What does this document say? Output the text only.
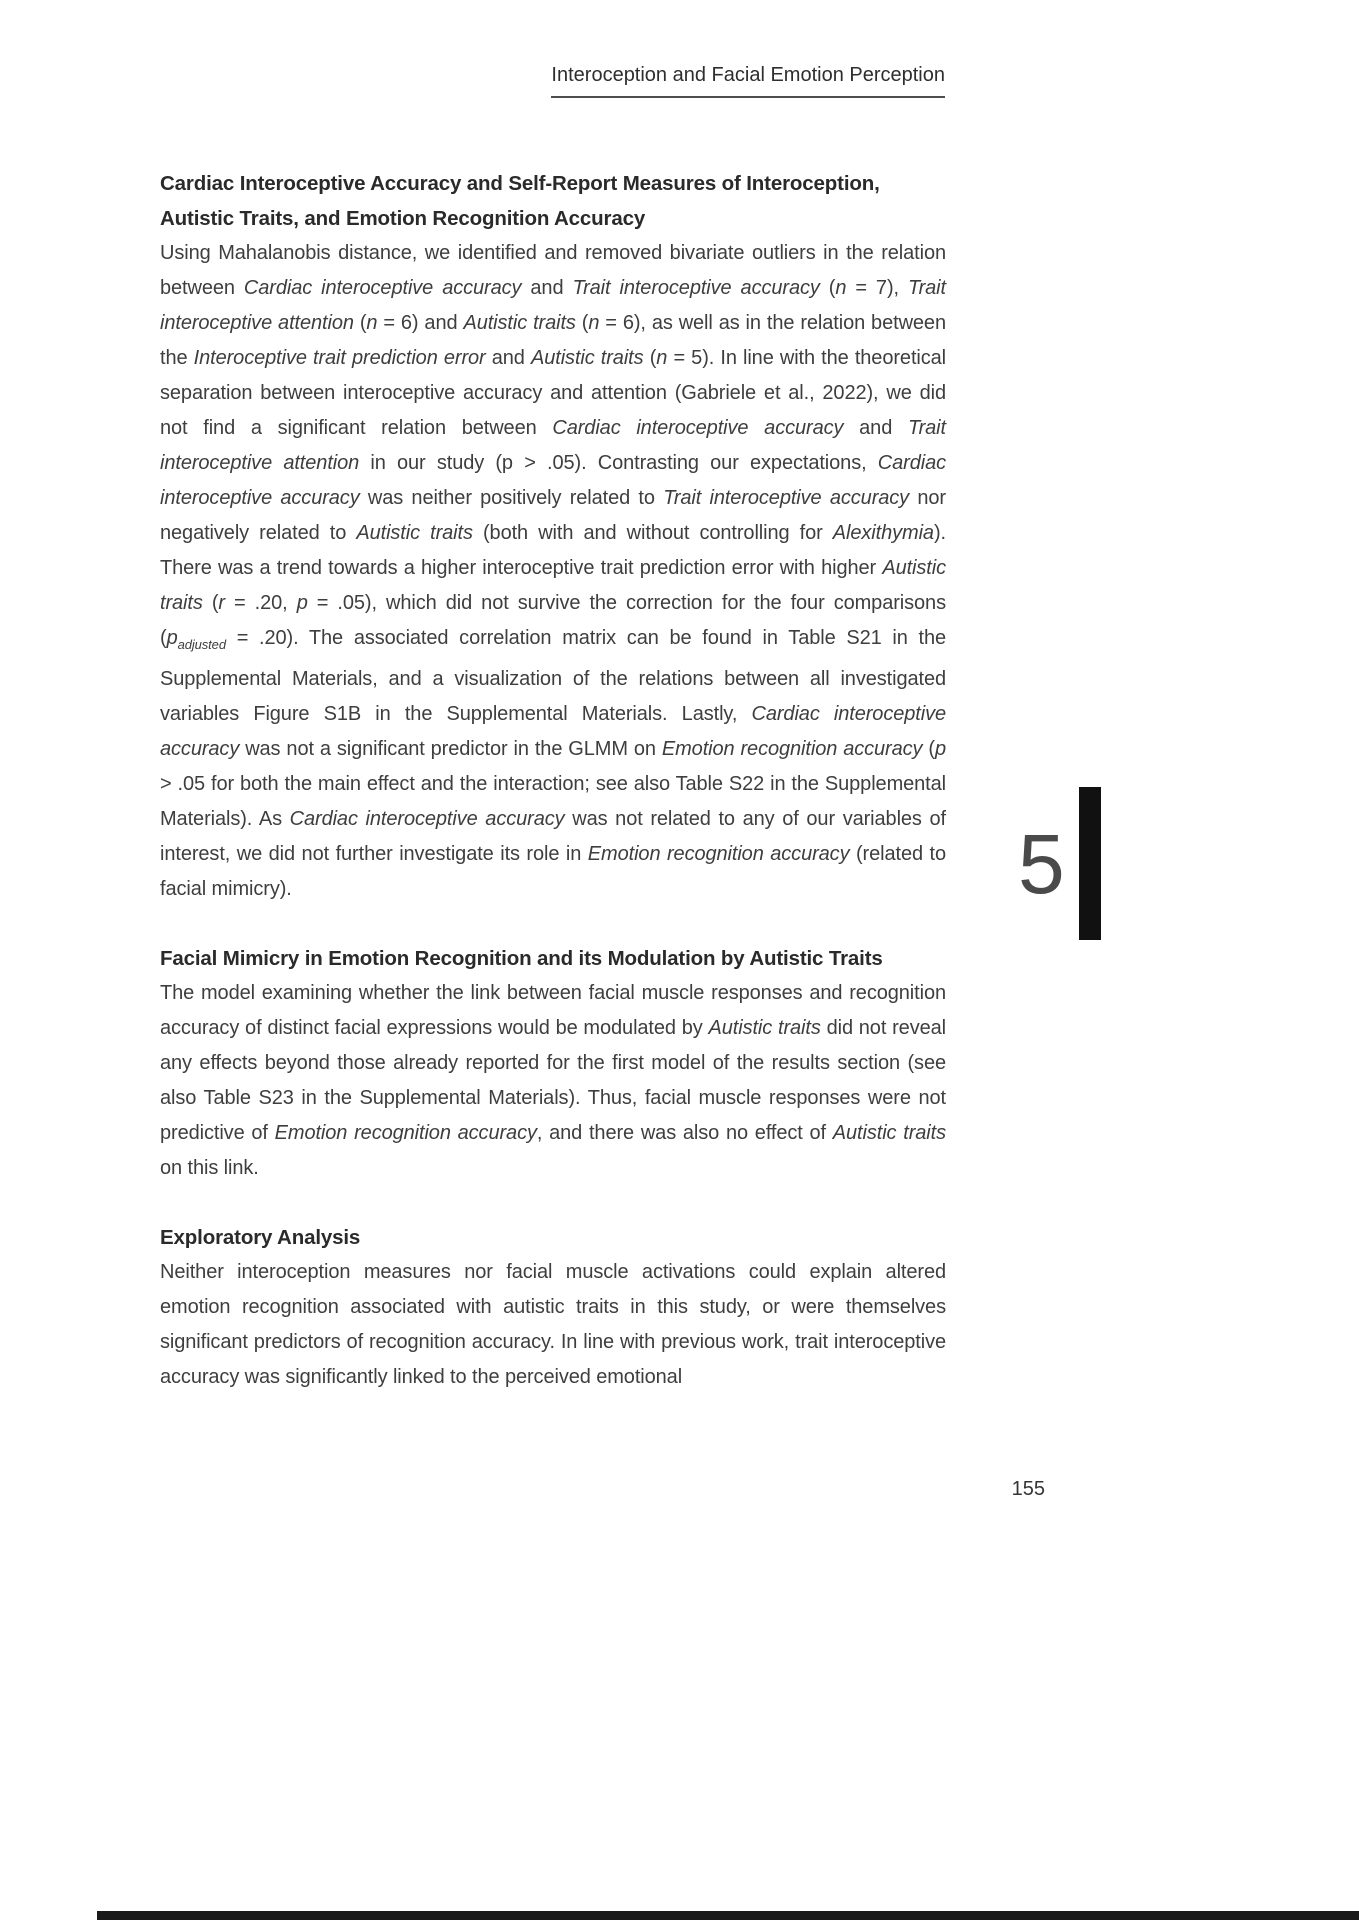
Interoception and Facial Emotion Perception
Cardiac Interoceptive Accuracy and Self-Report Measures of Interoception, Autistic Traits, and Emotion Recognition Accuracy

Using Mahalanobis distance, we identified and removed bivariate outliers in the relation between Cardiac interoceptive accuracy and Trait interoceptive accuracy (n = 7), Trait interoceptive attention (n = 6) and Autistic traits (n = 6), as well as in the relation between the Interoceptive trait prediction error and Autistic traits (n = 5). In line with the theoretical separation between interoceptive accuracy and attention (Gabriele et al., 2022), we did not find a significant relation between Cardiac interoceptive accuracy and Trait interoceptive attention in our study (p > .05). Contrasting our expectations, Cardiac interoceptive accuracy was neither positively related to Trait interoceptive accuracy nor negatively related to Autistic traits (both with and without controlling for Alexithymia). There was a trend towards a higher interoceptive trait prediction error with higher Autistic traits (r = .20, p = .05), which did not survive the correction for the four comparisons $(p_{adjusted} = .20)$. The associated correlation matrix can be found in Table S21 in the Supplemental Materials, and a visualization of the relations between all investigated variables Figure S1B in the Supplemental Materials. Lastly, Cardiac interoceptive accuracy was not a significant predictor in the GLMM on Emotion recognition accuracy (p > .05 for both the main effect and the interaction; see also Table S22 in the Supplemental Materials). As Cardiac interoceptive accuracy was not related to any of our variables of interest, we did not further investigate its role in Emotion recognition accuracy (related to facial mimicry).

Facial Mimicry in Emotion Recognition and its Modulation by Autistic Traits

The model examining whether the link between facial muscle responses and recognition accuracy of distinct facial expressions would be modulated by Autistic traits did not reveal any effects beyond those already reported for the first model of the results section (see also Table S23 in the Supplemental Materials). Thus, facial muscle responses were not predictive of Emotion recognition accuracy, and there was also no effect of Autistic traits on this link.

Exploratory Analysis

Neither interoception measures nor facial muscle activations could explain altered emotion recognition associated with autistic traits in this study, or were themselves significant predictors of recognition accuracy. In line with previous work, trait interoceptive accuracy was significantly linked to the perceived emotional

5
155
